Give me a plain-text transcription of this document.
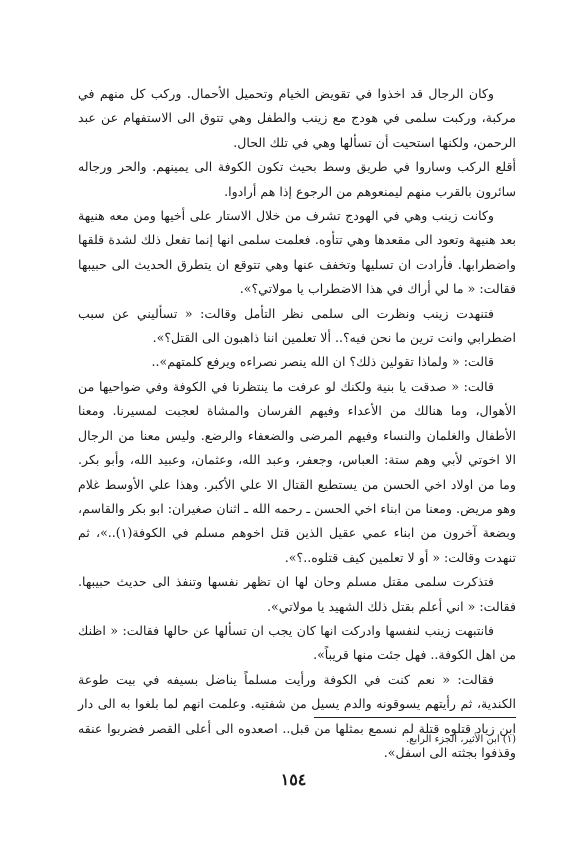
وكان الرجال قد اخذوا في تقويض الخيام وتحميل الأحمال. وركب كل منهم في مركبة، وركبت سلمى في هودج مع زينب والطفل وهي تتوق الى الاستفهام عن عبد الرحمن، ولكنها استحيت أن تسألها وهي في تلك الحال.

أقلع الركب وساروا في طريق وسط بحيث تكون الكوفة الى يمينهم. والحر ورجاله سائرون بالقرب منهم ليمنعوهم من الرجوع إذا هم أرادوا.

وكانت زينب وهي في الهودج تشرف من خلال الاستار على أخيها ومن معه هنيهة بعد هنيهة وتعود الى مقعدها وهي تتأوه. فعلمت سلمى انها إنما تفعل ذلك لشدة قلقها واضطرابها. فأرادت ان تسليها وتخفف عنها وهي تتوقع ان يتطرق الحديث الى حبيبها فقالت: « ما لي أراك في هذا الاضطراب يا مولاتي؟».

فتنهدت زينب ونظرت الى سلمى نظر التأمل وقالت: « تسأليني عن سبب اضطرابي وانت ترين ما نحن فيه؟.. ألا تعلمين اننا ذاهبون الى القتل؟».

قالت: « ولماذا تقولين ذلك؟ ان الله ينصر نصراءه ويرفع كلمتهم»..

قالت: « صدقت يا بنية ولكنك لو عرفت ما ينتظرنا في الكوفة وفي ضواحيها من الأهوال، وما هنالك من الأعداء وفيهم الفرسان والمشاة لعجبت لمسيرنا. ومعنا الأطفال والغلمان والنساء وفيهم المرضى والضعفاء والرضع. وليس معنا من الرجال الا اخوتي لأبي وهم ستة: العباس، وجعفر، وعبد الله، وعثمان، وعبيد الله، وأبو بكر. وما من اولاد اخي الحسن من يستطيع القتال الا علي الأكبر. وهذا علي الأوسط غلام وهو مريض. ومعنا من ابناء اخي الحسن ـ رحمه الله ـ اثنان صغيران: ابو بكر والقاسم، وبضعة آخرون من ابناء عمي عقيل الذين قتل اخوهم مسلم في الكوفة(١)..»، ثم تنهدت وقالت: « أو لا تعلمين كيف قتلوه..؟».

فتذكرت سلمى مقتل مسلم وحان لها ان تظهر نفسها وتنفذ الى حديث حبيبها. فقالت: « اني أعلم بقتل ذلك الشهيد يا مولاتي».

فانتبهت زينب لنفسها وادركت انها كان يجب ان تسألها عن حالها فقالت: « اظنك من اهل الكوفة.. فهل جئت منها قريباً».

فقالت: « نعم كنت في الكوفة ورأيت مسلماً يناضل بسيفه في بيت طوعة الكندية، ثم رأيتهم يسوقونه والدم يسيل من شفتيه. وعلمت انهم لما بلغوا به الى دار ابن زياد قتلوه قتلة لم نسمع بمثلها من قبل.. اصعدوه الى أعلى القصر فضربوا عنقه وقذفوا بجثته الى اسفل».

(١) ابن الأثير، الجزء الرابع.
١٥٤
